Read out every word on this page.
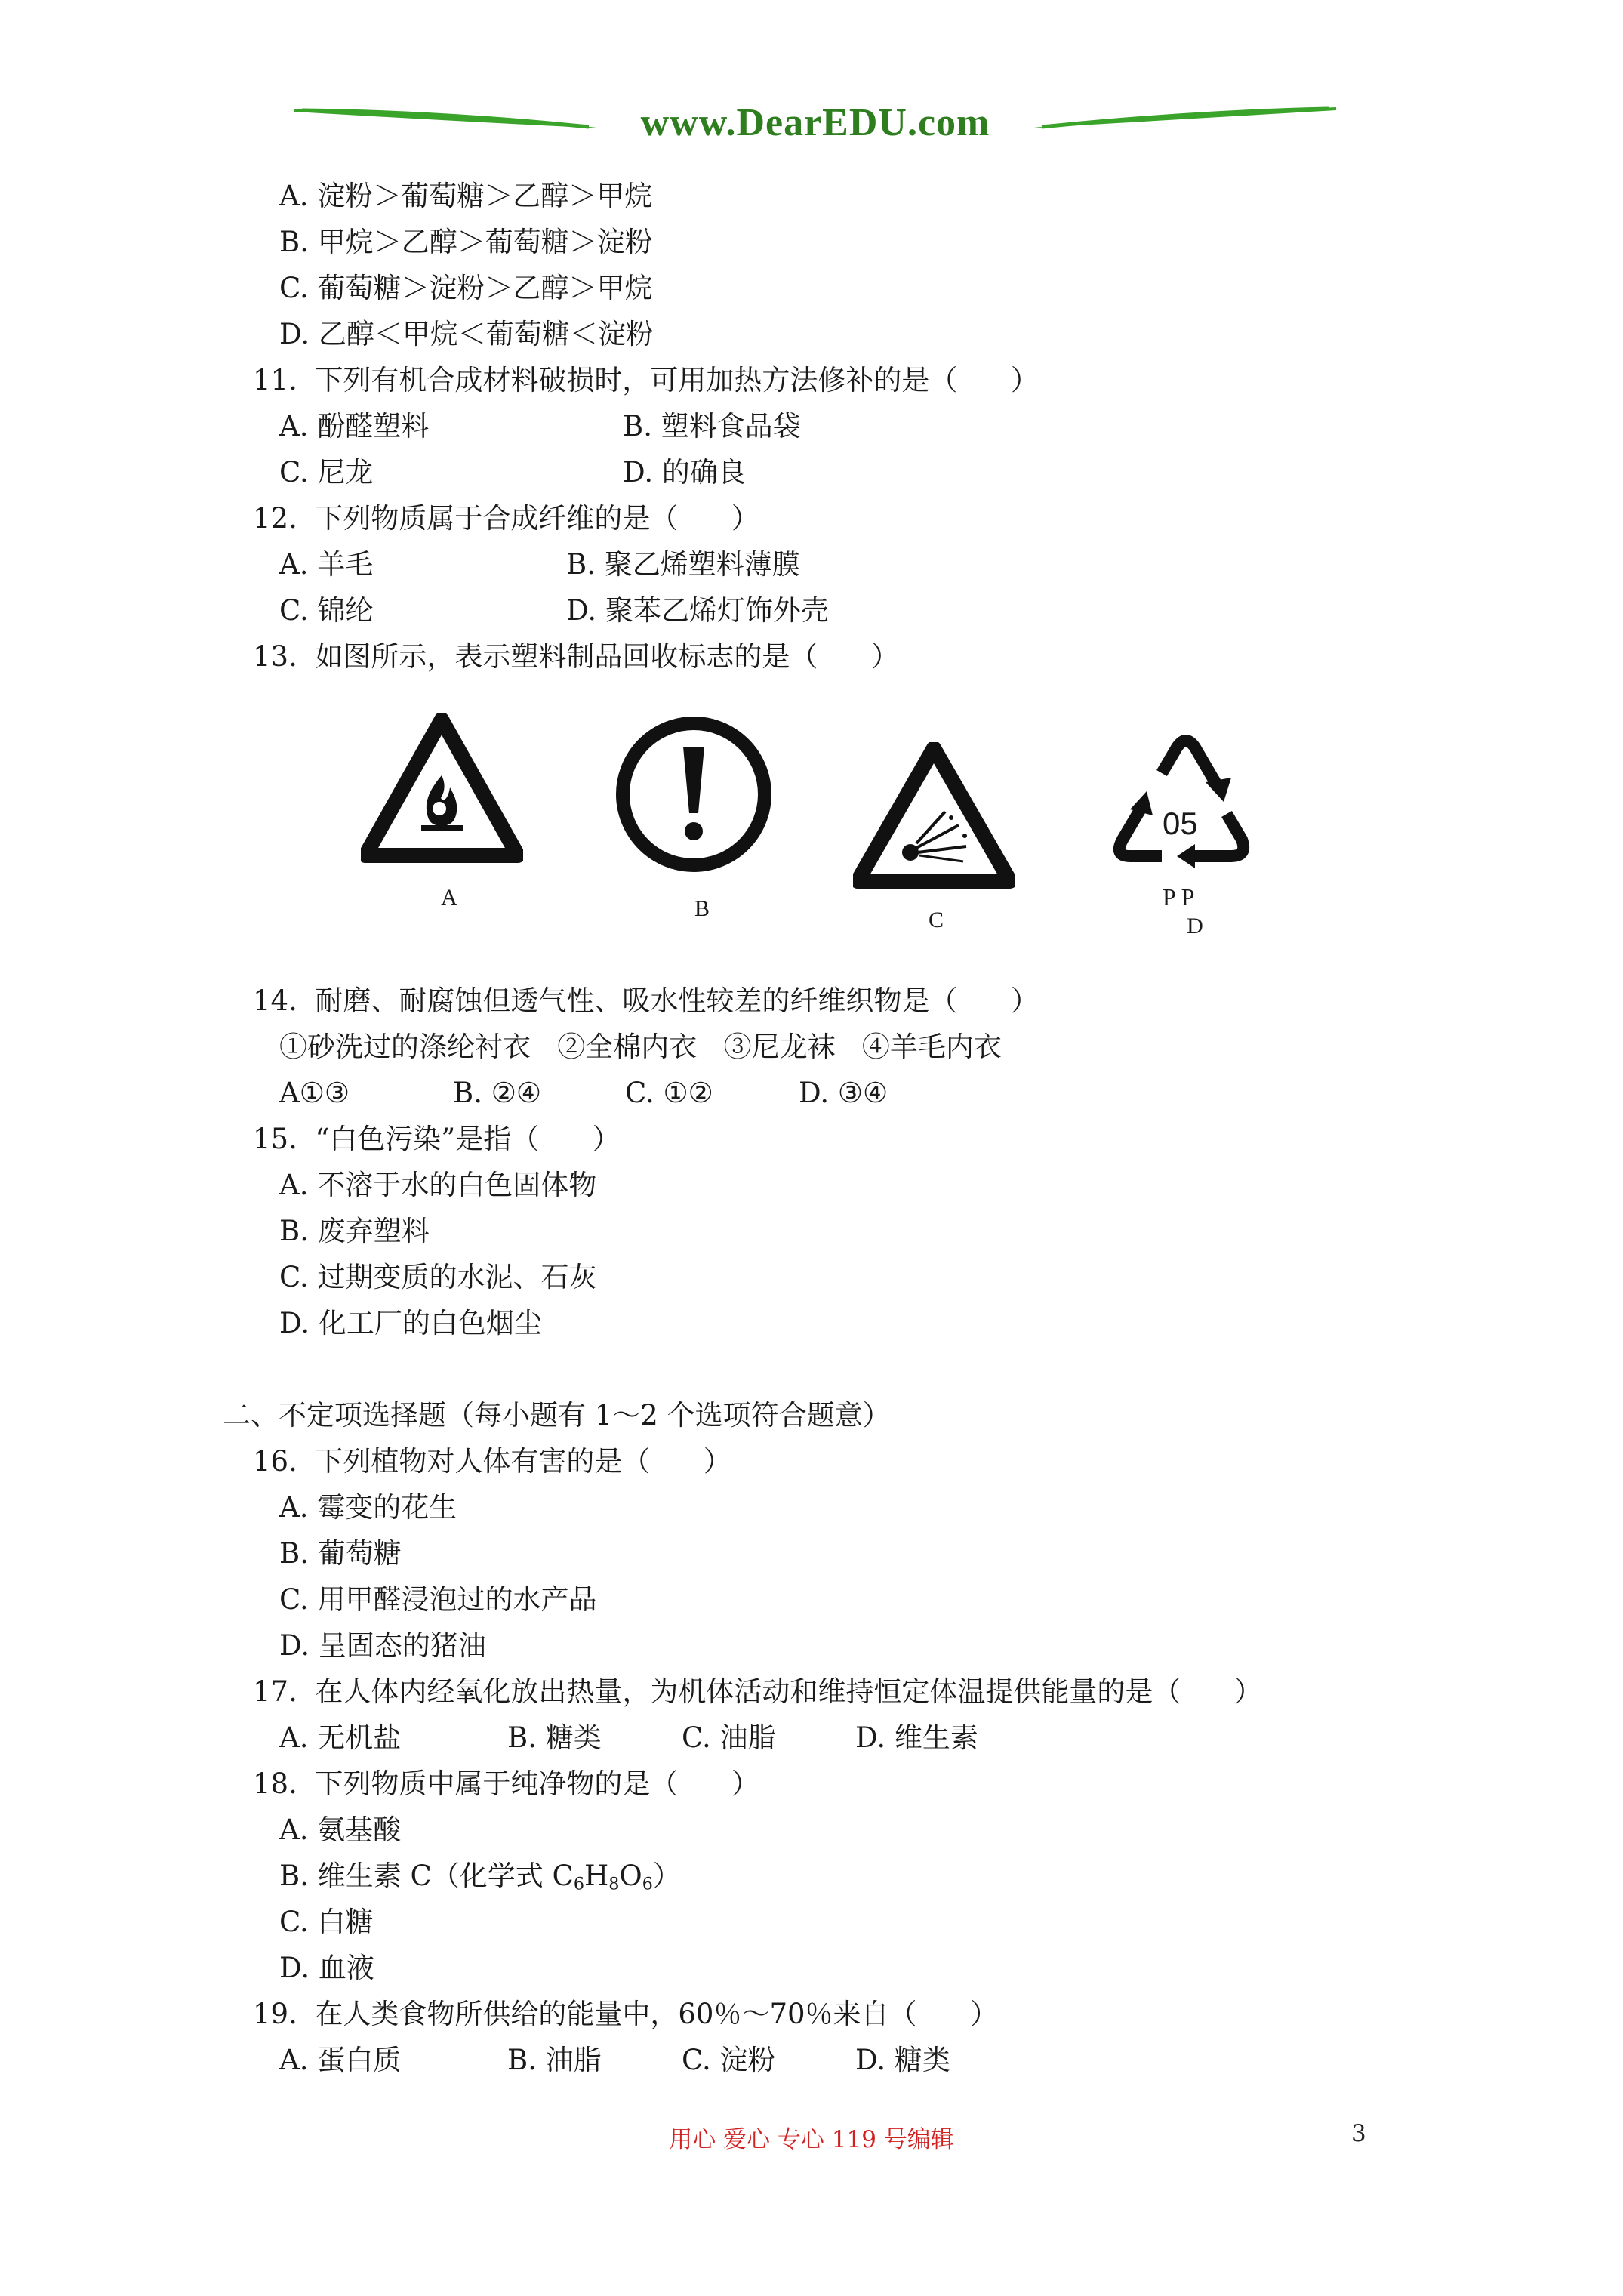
www.DearEDU.com
A. 淀粉＞葡萄糖＞乙醇＞甲烷
B. 甲烷＞乙醇＞葡萄糖＞淀粉
C. 葡萄糖＞淀粉＞乙醇＞甲烷
D. 乙醇＜甲烷＜葡萄糖＜淀粉
11.  下列有机合成材料破损时，可用加热方法修补的是（      ）
A. 酚醛塑料	B. 塑料食品袋
C. 尼龙	D. 的确良
12.  下列物质属于合成纤维的是（      ）
A. 羊毛	B. 聚乙烯塑料薄膜
C. 锦纶	D. 聚苯乙烯灯饰外壳
13.  如图所示，表示塑料制品回收标志的是（      ）
A	B	C
05
P P
D
14.  耐磨、耐腐蚀但透气性、吸水性较差的纤维织物是（      ）
①砂洗过的涤纶衬衣   ②全棉内衣   ③尼龙袜   ④羊毛内衣
A①③	B. ②④	C. ①②	D. ③④
15.  “白色污染”是指（      ）
A. 不溶于水的白色固体物
B. 废弃塑料
C. 过期变质的水泥、石灰
D. 化工厂的白色烟尘
二、不定项选择题（每小题有 1～2 个选项符合题意）
16.  下列植物对人体有害的是（      ）
A. 霉变的花生
B. 葡萄糖
C. 用甲醛浸泡过的水产品
D. 呈固态的猪油
17.  在人体内经氧化放出热量，为机体活动和维持恒定体温提供能量的是（      ）
A. 无机盐	B. 糖类	C. 油脂	D. 维生素
18.  下列物质中属于纯净物的是（      ）
A. 氨基酸
B. 维生素 C（化学式 $C_6H_8O_6$）
C. 白糖
D. 血液
19.  在人类食物所供给的能量中，60％～70％来自（      ）
A. 蛋白质	B. 油脂	C. 淀粉	D. 糖类
用心 爱心 专心 119 号编辑	3
